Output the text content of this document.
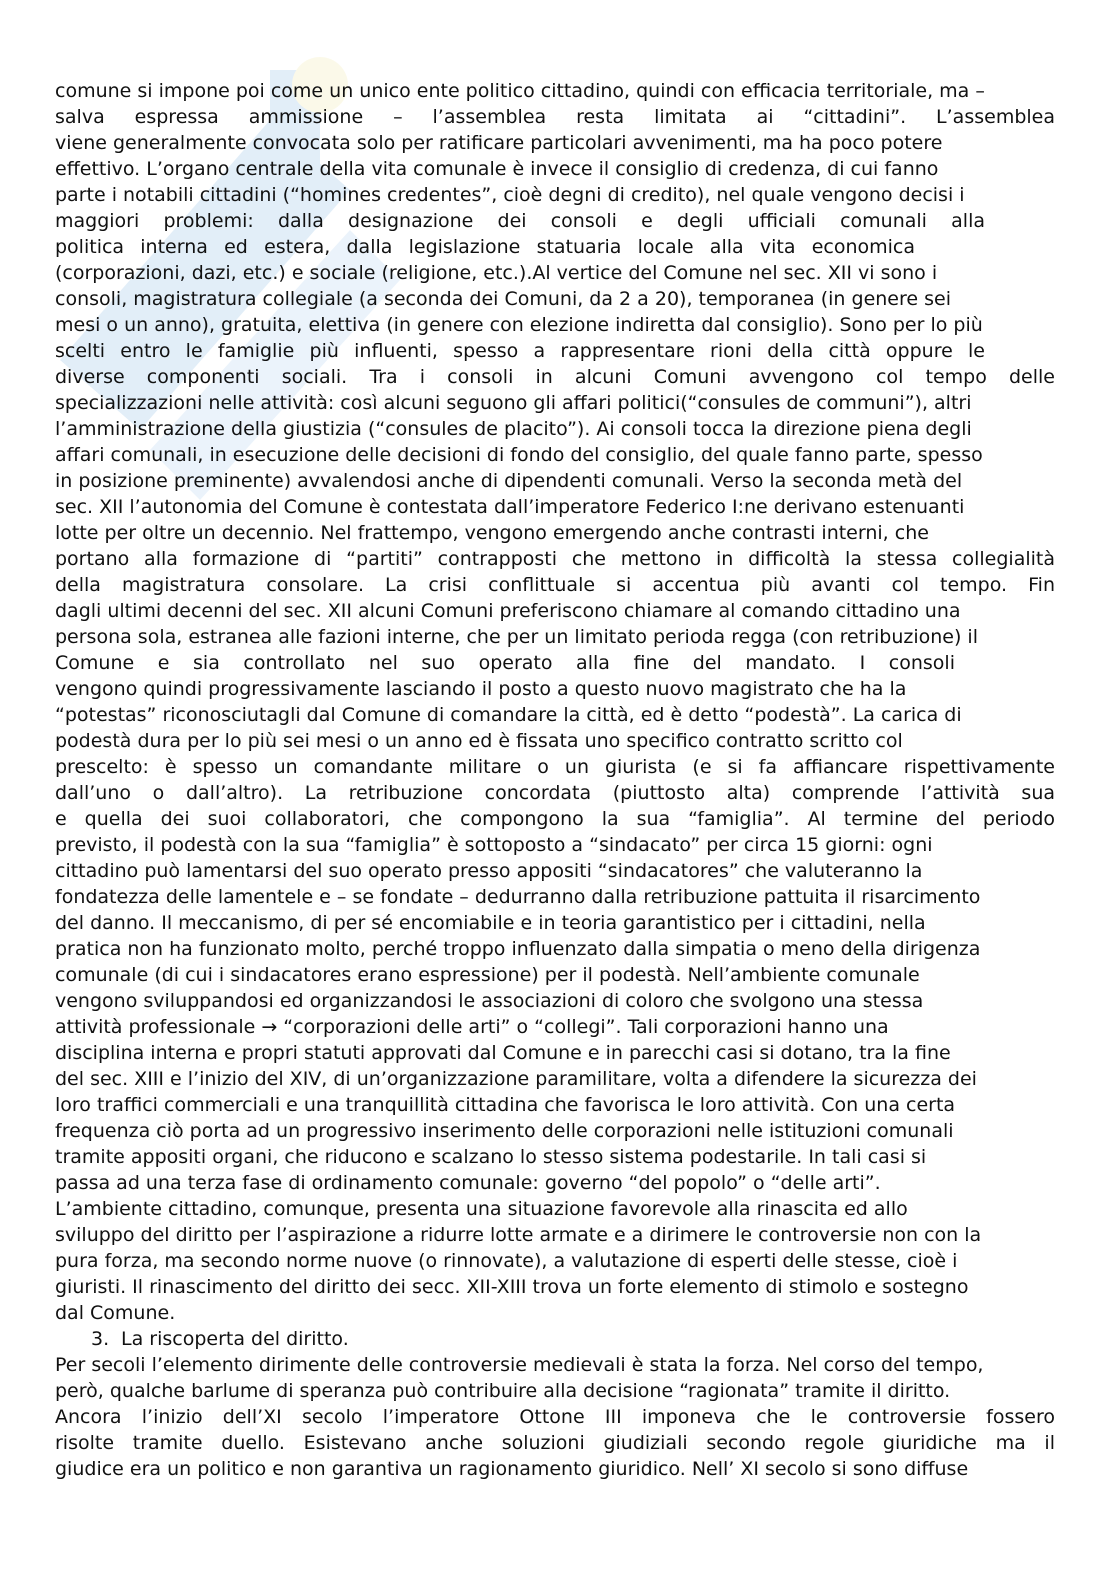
comune si impone poi come un unico ente politico cittadino, quindi con efficacia territoriale, ma –
salva espressa ammissione – l’assemblea resta limitata ai “cittadini”. L’assemblea
viene generalmente convocata solo per ratificare particolari avvenimenti, ma ha poco potere
effettivo. L’organo centrale della vita comunale è invece il consiglio di credenza, di cui fanno
parte i notabili cittadini (“homines credentes”, cioè degni di credito), nel quale vengono decisi i
maggiori problemi: dalla designazione dei consoli e degli ufficiali comunali alla
politica interna ed estera, dalla legislazione statuaria locale alla vita economica
(corporazioni, dazi, etc.) e sociale (religione, etc.).Al vertice del Comune nel sec. XII vi sono i
consoli, magistratura collegiale (a seconda dei Comuni, da 2 a 20), temporanea (in genere sei
mesi o un anno), gratuita, elettiva (in genere con elezione indiretta dal consiglio). Sono per lo più
scelti entro le famiglie più influenti, spesso a rappresentare rioni della città oppure le
diverse componenti sociali. Tra i consoli in alcuni Comuni avvengono col tempo delle
specializzazioni nelle attività: così alcuni seguono gli affari politici(“consules de communi”), altri
l’amministrazione della giustizia (“consules de placito”). Ai consoli tocca la direzione piena degli
affari comunali, in esecuzione delle decisioni di fondo del consiglio, del quale fanno parte, spesso
in posizione preminente) avvalendosi anche di dipendenti comunali. Verso la seconda metà del
sec. XII l’autonomia del Comune è contestata dall’imperatore Federico I:ne derivano estenuanti
lotte per oltre un decennio. Nel frattempo, vengono emergendo anche contrasti interni, che
portano alla formazione di “partiti” contrapposti che mettono in difficoltà la stessa collegialità
della magistratura consolare. La crisi conflittuale si accentua più avanti col tempo. Fin
dagli ultimi decenni del sec. XII alcuni Comuni preferiscono chiamare al comando cittadino una
persona sola, estranea alle fazioni interne, che per un limitato perioda regga (con retribuzione) il
Comune e sia controllato nel suo operato alla fine del mandato. I consoli
vengono quindi progressivamente lasciando il posto a questo nuovo magistrato che ha la
“potestas” riconosciutagli dal Comune di comandare la città, ed è detto “podestà”. La carica di
podestà dura per lo più sei mesi o un anno ed è fissata uno specifico contratto scritto col
prescelto: è spesso un comandante militare o un giurista (e si fa affiancare rispettivamente
dall’uno o dall’altro). La retribuzione concordata (piuttosto alta) comprende l’attività sua
e quella dei suoi collaboratori, che compongono la sua “famiglia”. Al termine del periodo
previsto, il podestà con la sua “famiglia” è sottoposto a “sindacato” per circa 15 giorni: ogni
cittadino può lamentarsi del suo operato presso appositi “sindacatores” che valuteranno la
fondatezza delle lamentele e – se fondate – dedurranno dalla retribuzione pattuita il risarcimento
del danno. Il meccanismo, di per sé encomiabile e in teoria garantistico per i cittadini, nella
pratica non ha funzionato molto, perché troppo influenzato dalla simpatia o meno della dirigenza
comunale (di cui i sindacatores erano espressione) per il podestà. Nell’ambiente comunale
vengono sviluppandosi ed organizzandosi le associazioni di coloro che svolgono una stessa
attività professionale → “corporazioni delle arti” o “collegi”. Tali corporazioni hanno una
disciplina interna e propri statuti approvati dal Comune e in parecchi casi si dotano, tra la fine
del sec. XIII e l’inizio del XIV, di un’organizzazione paramilitare, volta a difendere la sicurezza dei
loro traffici commerciali e una tranquillità cittadina che favorisca le loro attività. Con una certa
frequenza ciò porta ad un progressivo inserimento delle corporazioni nelle istituzioni comunali
tramite appositi organi, che riducono e scalzano lo stesso sistema podestarile. In tali casi si
passa ad una terza fase di ordinamento comunale: governo “del popolo” o “delle arti”.
L’ambiente cittadino, comunque, presenta una situazione favorevole alla rinascita ed allo
sviluppo del diritto per l’aspirazione a ridurre lotte armate e a dirimere le controversie non con la
pura forza, ma secondo norme nuove (o rinnovate), a valutazione di esperti delle stesse, cioè i
giuristi. Il rinascimento del diritto dei secc. XII-XIII trova un forte elemento di stimolo e sostegno
dal Comune.
3. La riscoperta del diritto.
Per secoli l’elemento dirimente delle controversie medievali è stata la forza. Nel corso del tempo,
però, qualche barlume di speranza può contribuire alla decisione “ragionata” tramite il diritto.
Ancora l’inizio dell’XI secolo l’imperatore Ottone III imponeva che le controversie fossero
risolte tramite duello. Esistevano anche soluzioni giudiziali secondo regole giuridiche ma il
giudice era un politico e non garantiva un ragionamento giuridico. Nell’ XI secolo si sono diffuse
